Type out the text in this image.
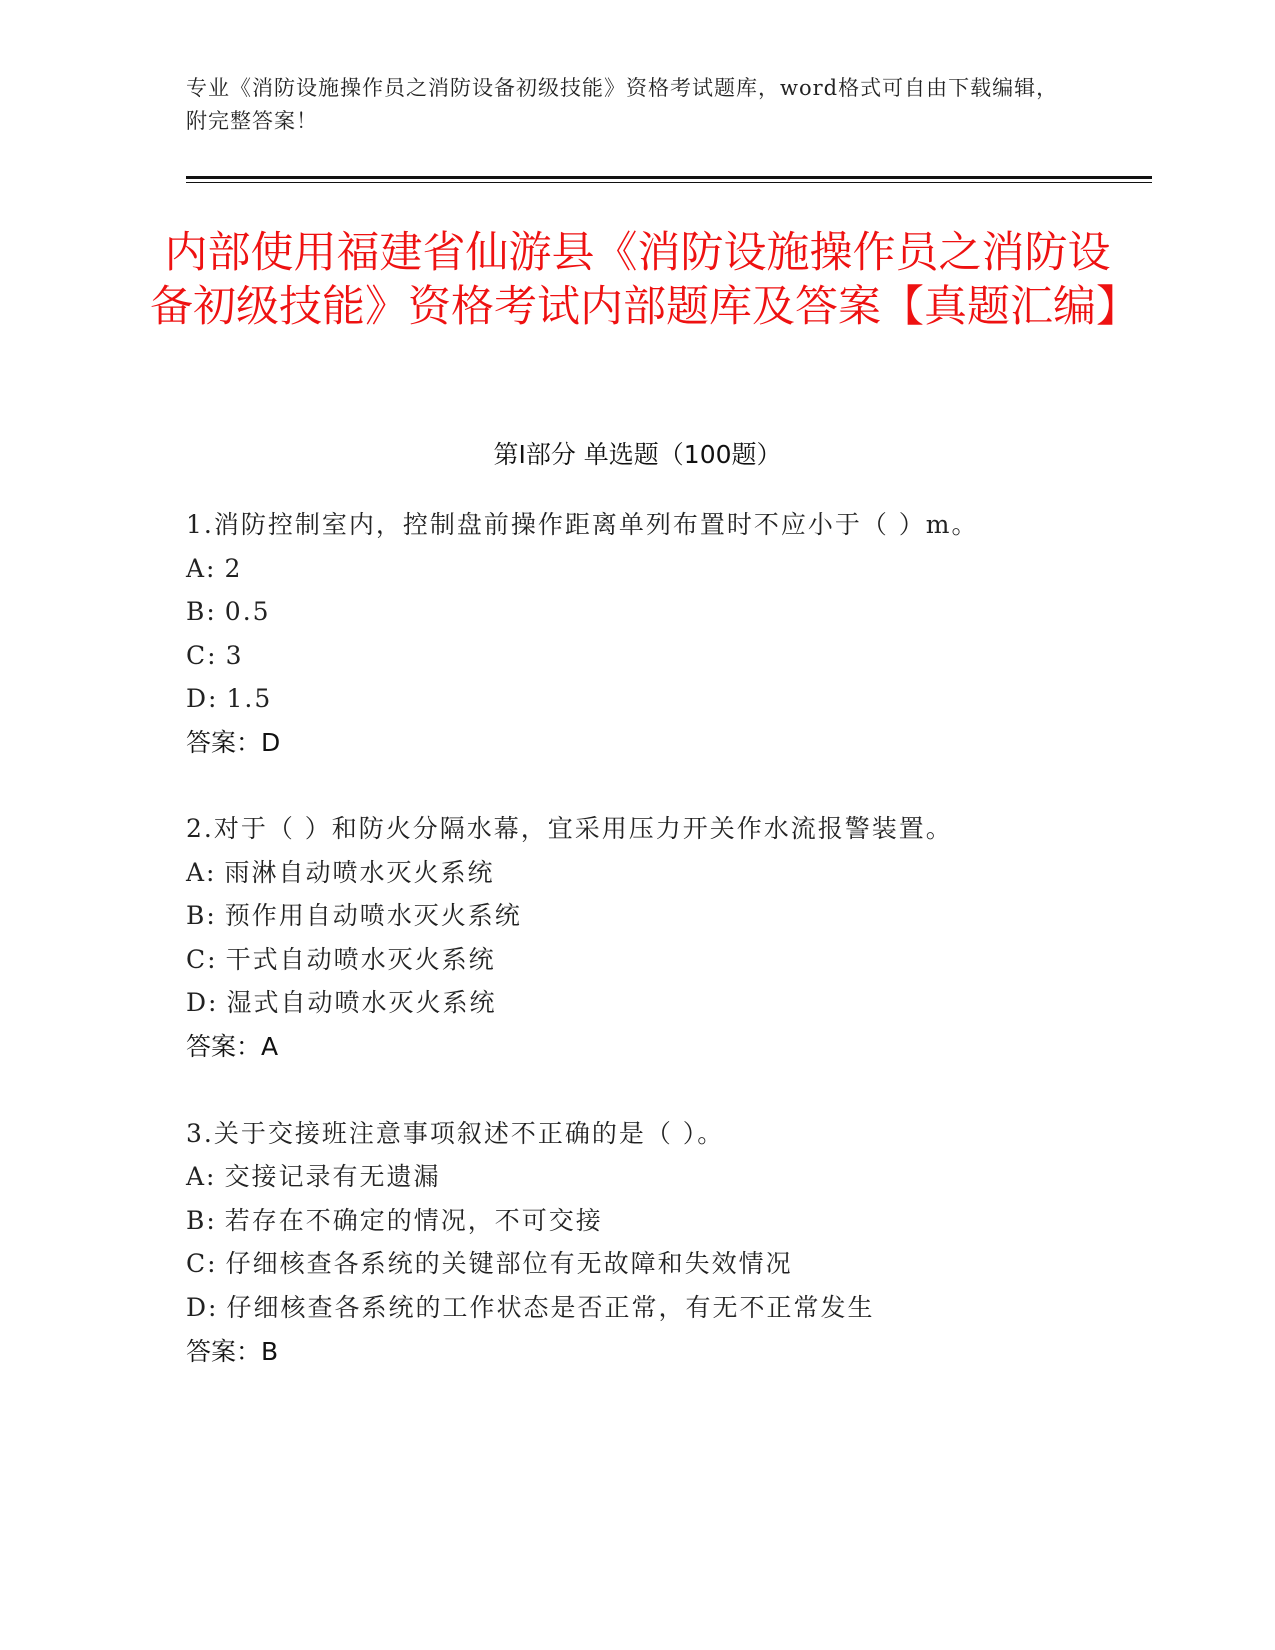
专业《消防设施操作员之消防设备初级技能》资格考试题库，word格式可自由下载编辑，附完整答案！
内部使用福建省仙游县《消防设施操作员之消防设备初级技能》资格考试内部题库及答案【真题汇编】
第Ⅰ部分 单选题（100题）
1.消防控制室内，控制盘前操作距离单列布置时不应小于（ ）m。
A: 2
B: 0.5
C: 3
D: 1.5
答案：D
2.对于（ ）和防火分隔水幕，宜采用压力开关作水流报警装置。
A: 雨淋自动喷水灭火系统
B: 预作用自动喷水灭火系统
C: 干式自动喷水灭火系统
D: 湿式自动喷水灭火系统
答案：A
3.关于交接班注意事项叙述不正确的是（ ）。
A: 交接记录有无遗漏
B: 若存在不确定的情况，不可交接
C: 仔细核查各系统的关键部位有无故障和失效情况
D: 仔细核查各系统的工作状态是否正常，有无不正常发生
答案：B
